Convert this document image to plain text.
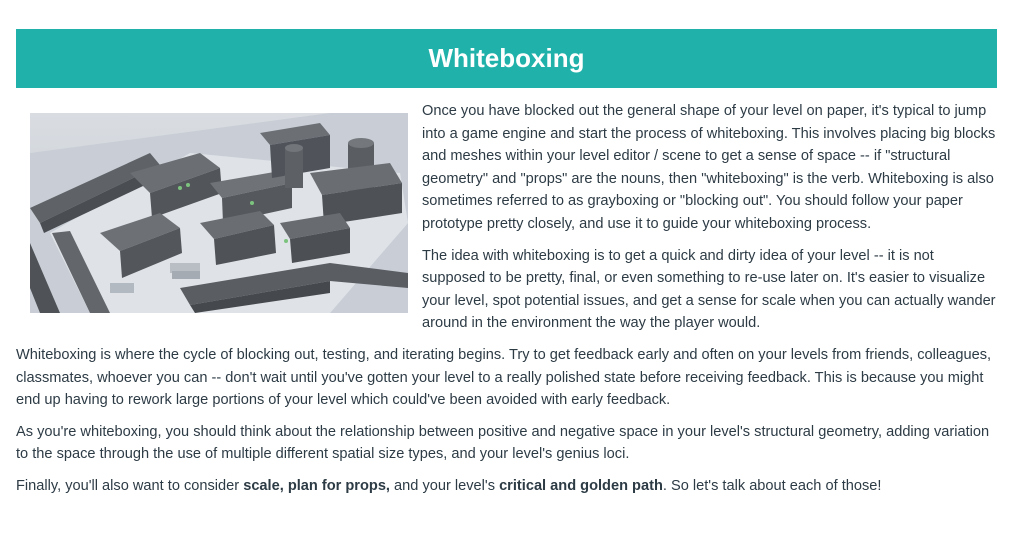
Whiteboxing

Once you have blocked out the general shape of your level on paper, it's typical to jump into a game engine and start the process of whiteboxing. This involves placing big blocks and meshes within your level editor / scene to get a sense of space -- if "structural geometry" and "props" are the nouns, then "whiteboxing" is the verb. Whiteboxing is also sometimes referred to as grayboxing or "blocking out". You should follow your paper prototype pretty closely, and use it to guide your whiteboxing process.

The idea with whiteboxing is to get a quick and dirty idea of your level -- it is not supposed to be pretty, final, or even something to re-use later on. It's easier to visualize your level, spot potential issues, and get a sense for scale when you can actually wander around in the environment the way the player would.

Whiteboxing is where the cycle of blocking out, testing, and iterating begins. Try to get feedback early and often on your levels from friends, colleagues, classmates, whoever you can -- don't wait until you've gotten your level to a really polished state before receiving feedback. This is because you might end up having to rework large portions of your level which could've been avoided with early feedback.

As you're whiteboxing, you should think about the relationship between positive and negative space in your level's structural geometry, adding variation to the space through the use of multiple different spatial size types, and your level's genius loci.

Finally, you'll also want to consider scale, plan for props, and your level's critical and golden path. So let's talk about each of those!
